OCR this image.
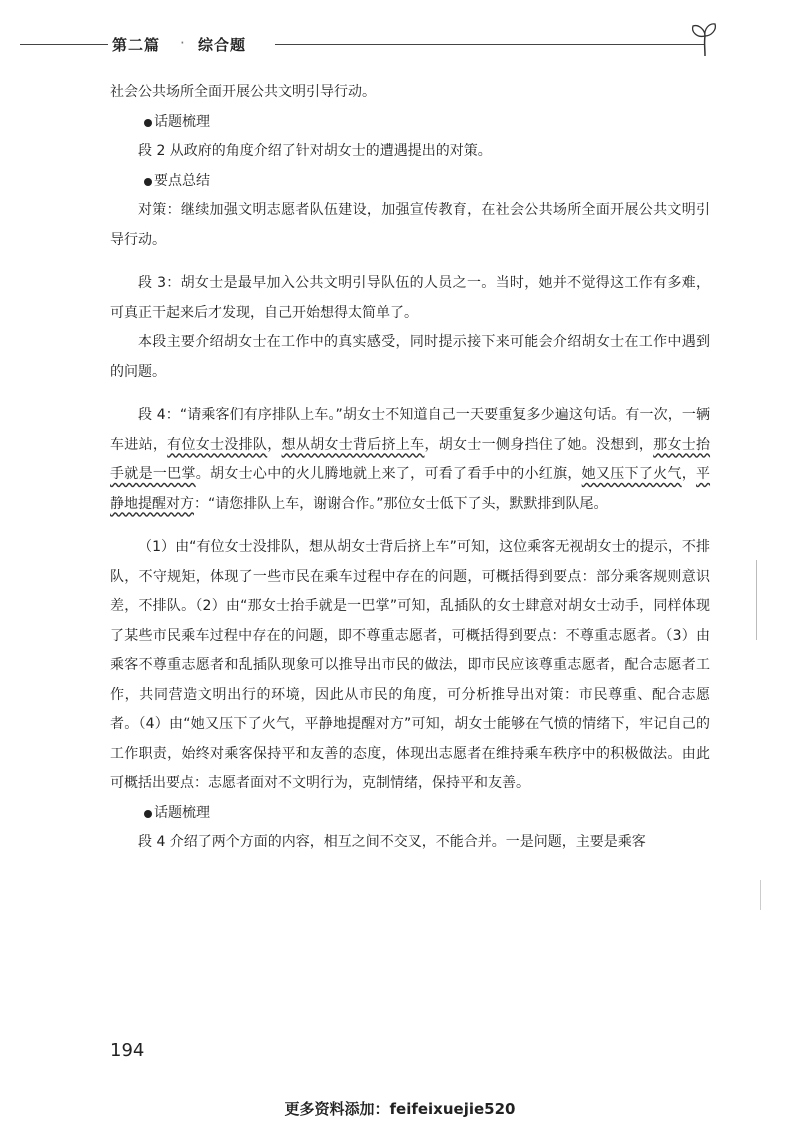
第二篇 · 综合题

社会公共场所全面开展公共文明引导行动。

话题梳理

段 2 从政府的角度介绍了针对胡女士的遭遇提出的对策。

要点总结

对策：继续加强文明志愿者队伍建设，加强宣传教育，在社会公共场所全面开展公共文明引导行动。

段 3：胡女士是最早加入公共文明引导队伍的人员之一。当时，她并不觉得这工作有多难，可真正干起来后才发现，自己开始想得太简单了。

本段主要介绍胡女士在工作中的真实感受，同时提示接下来可能会介绍胡女士在工作中遇到的问题。

段 4：“请乘客们有序排队上车。”胡女士不知道自己一天要重复多少遍这句话。有一次，一辆车进站，有位女士没排队，想从胡女士背后挤上车，胡女士一侧身挡住了她。没想到，那女士抬手就是一巴掌。胡女士心中的火儿腾地就上来了，可看了看手中的小红旗，她又压下了火气，平静地提醒对方：“请您排队上车，谢谢合作。”那位女士低下了头，默默排到队尾。

（1）由“有位女士没排队，想从胡女士背后挤上车”可知，这位乘客无视胡女士的提示，不排队，不守规矩，体现了一些市民在乘车过程中存在的问题，可概括得到要点：部分乘客规则意识差，不排队。（2）由“那女士抬手就是一巴掌”可知，乱插队的女士肆意对胡女士动手，同样体现了某些市民乘车过程中存在的问题，即不尊重志愿者，可概括得到要点：不尊重志愿者。（3）由乘客不尊重志愿者和乱插队现象可以推导出市民的做法，即市民应该尊重志愿者，配合志愿者工作，共同营造文明出行的环境，因此从市民的角度，可分析推导出对策：市民尊重、配合志愿者。（4）由“她又压下了火气，平静地提醒对方”可知，胡女士能够在气愤的情绪下，牢记自己的工作职责，始终对乘客保持平和友善的态度，体现出志愿者在维持乘车秩序中的积极做法。由此可概括出要点：志愿者面对不文明行为，克制情绪，保持平和友善。

话题梳理

段 4 介绍了两个方面的内容，相互之间不交叉，不能合并。一是问题，主要是乘客

194
更多资料添加：feifeixuejie520
